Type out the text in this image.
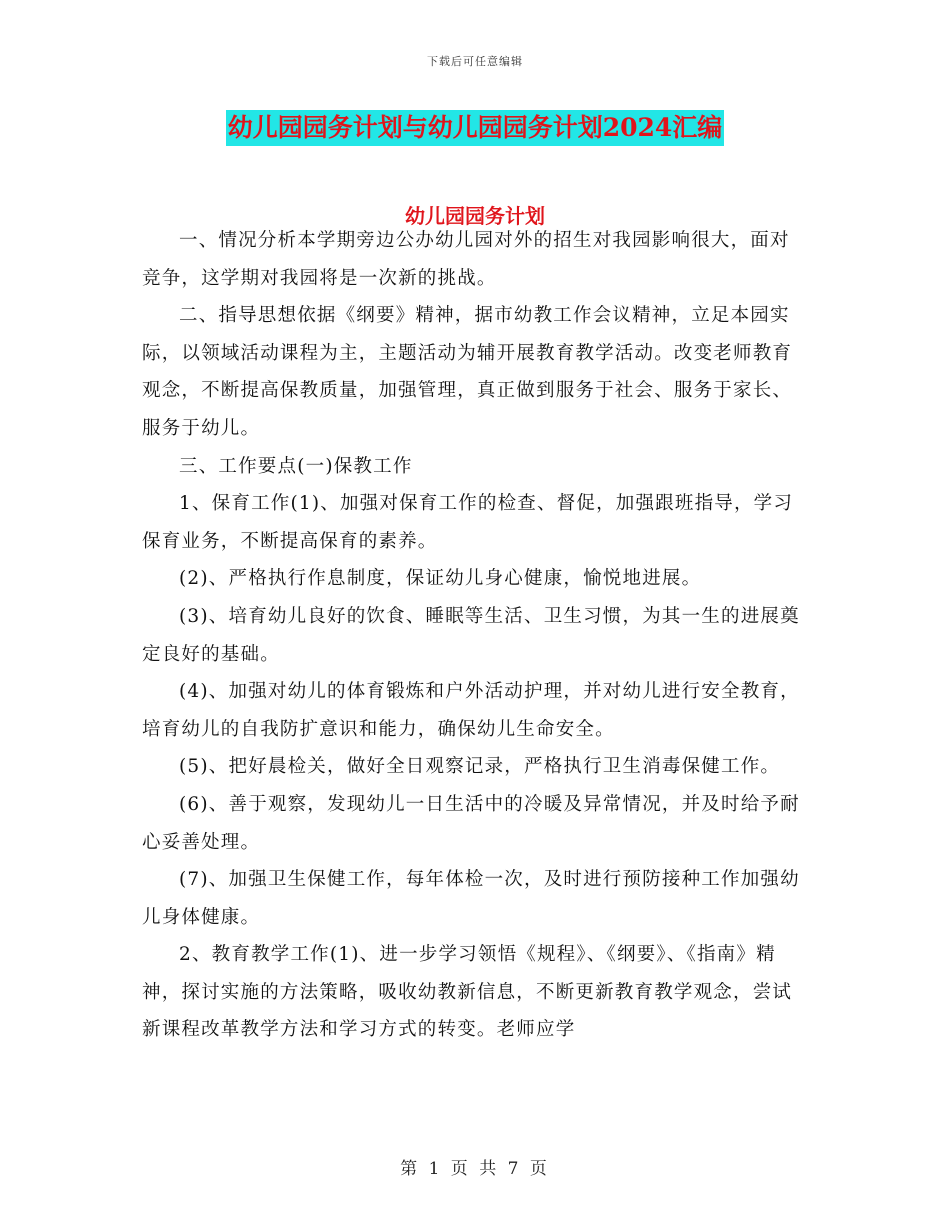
下载后可任意编辑
幼儿园园务计划与幼儿园园务计划2024汇编
幼儿园园务计划

一、情况分析本学期旁边公办幼儿园对外的招生对我园影响很大，面对竞争，这学期对我园将是一次新的挑战。

二、指导思想依据《纲要》精神，据市幼教工作会议精神，立足本园实际，以领域活动课程为主，主题活动为辅开展教育教学活动。改变老师教育观念，不断提高保教质量，加强管理，真正做到服务于社会、服务于家长、服务于幼儿。

三、工作要点(一)保教工作

1、保育工作(1)、加强对保育工作的检查、督促，加强跟班指导，学习保育业务，不断提高保育的素养。

(2)、严格执行作息制度，保证幼儿身心健康，愉悦地进展。

(3)、培育幼儿良好的饮食、睡眠等生活、卫生习惯，为其一生的进展奠定良好的基础。

(4)、加强对幼儿的体育锻炼和户外活动护理，并对幼儿进行安全教育，培育幼儿的自我防扩意识和能力，确保幼儿生命安全。

(5)、把好晨检关，做好全日观察记录，严格执行卫生消毒保健工作。

(6)、善于观察，发现幼儿一日生活中的冷暖及异常情况，并及时给予耐心妥善处理。

(7)、加强卫生保健工作，每年体检一次，及时进行预防接种工作加强幼儿身体健康。

2、教育教学工作(1)、进一步学习领悟《规程》、《纲要》、《指南》精神，探讨实施的方法策略，吸收幼教新信息，不断更新教育教学观念，尝试新课程改革教学方法和学习方式的转变。老师应学

第 1 页 共 7 页
